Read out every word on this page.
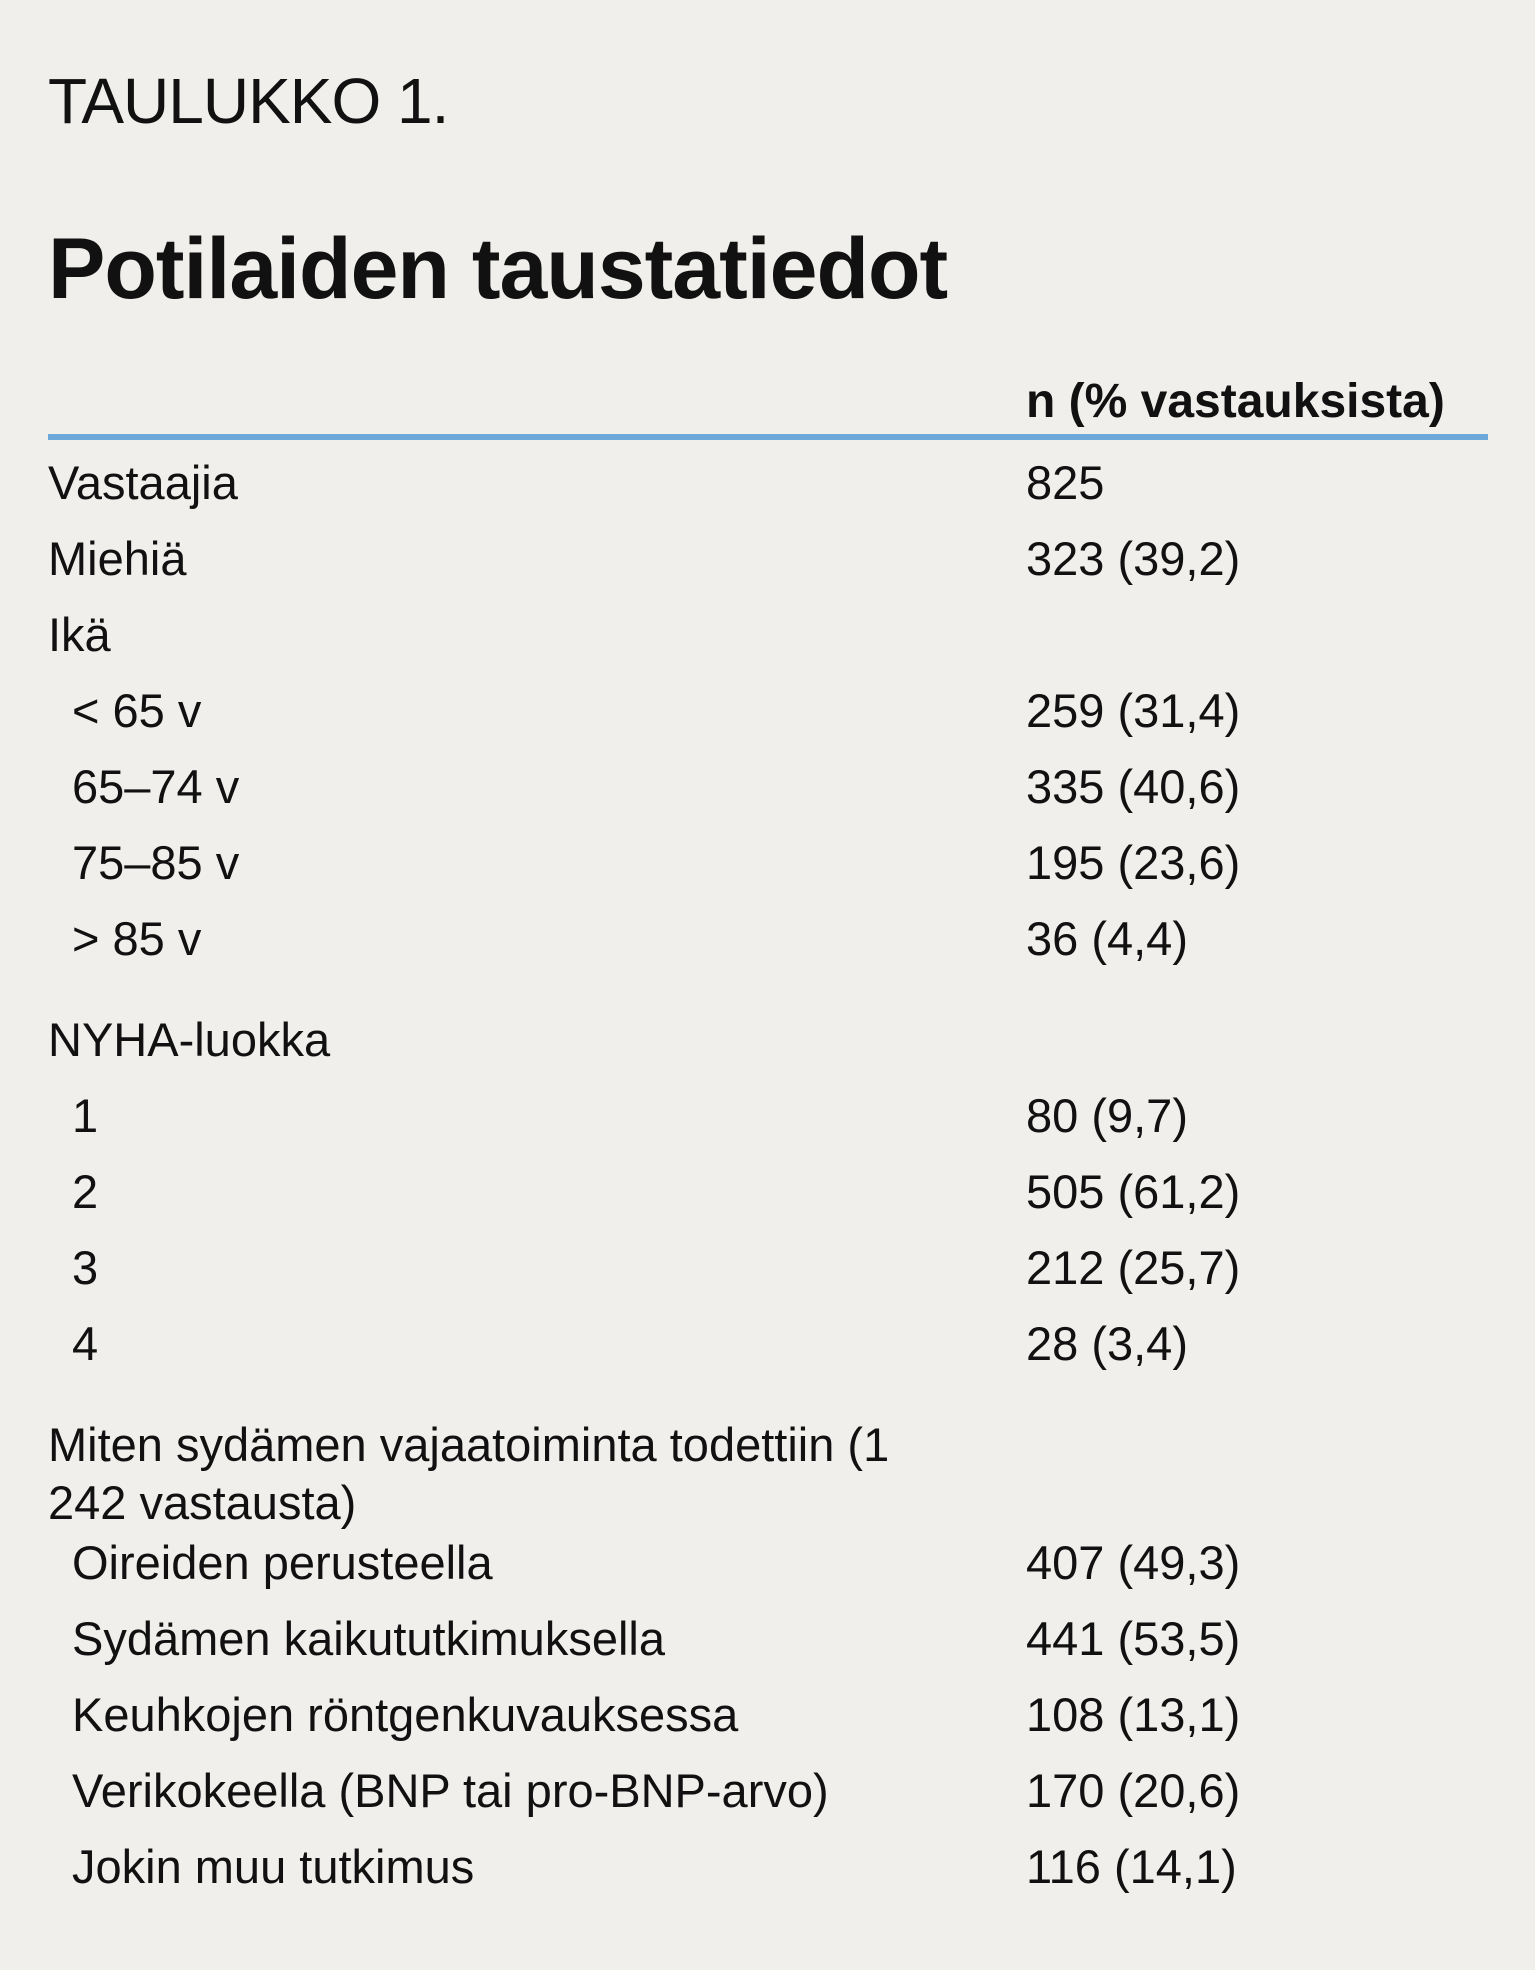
TAULUKKO 1.
Potilaiden taustatiedot
n (% vastauksista)
Vastaajia	825
Miehiä	323 (39,2)
Ikä
< 65 v	259 (31,4)
65–74 v	335 (40,6)
75–85 v	195 (23,6)
> 85 v	36 (4,4)
NYHA-luokka
1	80 (9,7)
2	505 (61,2)
3	212 (25,7)
4	28 (3,4)
Miten sydämen vajaatoiminta todettiin (1 242 vastausta)
Oireiden perusteella	407 (49,3)
Sydämen kaikututkimuksella	441 (53,5)
Keuhkojen röntgenkuvauksessa	108 (13,1)
Verikokeella (BNP tai pro-BNP-arvo)	170 (20,6)
Jokin muu tutkimus	116 (14,1)
